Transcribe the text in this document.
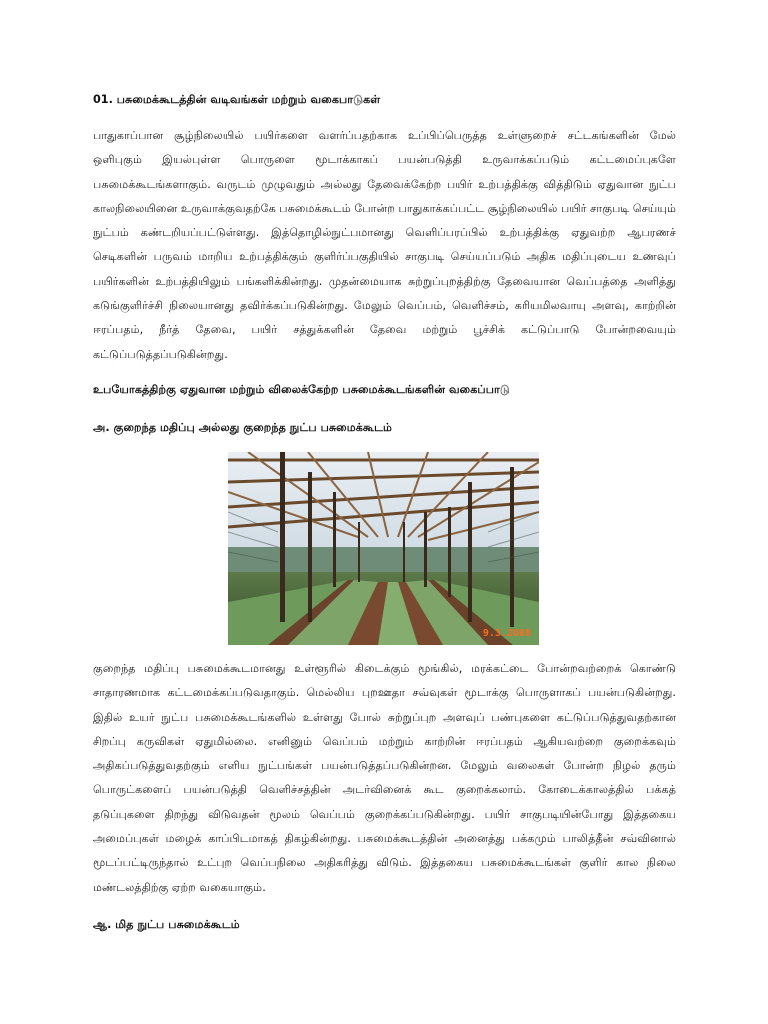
01. பசுமைக்கூடத்தின் வடிவங்கள் மற்றும் வகைபாடுகள்
பாதுகாப்பான சூழ்நிலையில் பயிர்களை வளர்ப்பதற்காக உப்பிப்பெருத்த உள்ளுறைச் சட்டகங்களின் மேல் ஒளிபுகும் இயல்புள்ள பொருளை மூடாக்காகப் பயன்படுத்தி உருவாக்கப்படும் கட்டமைப்புகளே பசுமைக்கூடங்களாகும். வருடம் முழுவதும் அல்லது தேவைக்கேற்ற பயிர் உற்பத்திக்கு வித்திடும் ஏதுவான நுட்ப காலநிலையினை உருவாக்குவதற்கே பசுமைக்கூடம் போன்ற பாதுகாக்கப்பட்ட சூழ்நிலையில் பயிர் சாகுபடி செய்யும் நுட்பம் கண்டறியப்பட்டுள்ளது. இத்தொழில்நுட்பமானது வெளிப்பரப்பில் உற்பத்திக்கு ஏதுவற்ற ஆபரணச் செடிகளின் பருவம் மாறிய உற்பத்திக்கும் குளிர்ப்பகுதியில் சாகுபடி செய்யப்படும் அதிக மதிப்புடைய உணவுப் பயிர்களின் உற்பத்தியிலும் பங்களிக்கின்றது. முதன்மையாக சுற்றுப்புறத்திற்கு தேவையான வெப்பத்தை அளித்து கடுங்குளிர்ச்சி நிலையானது தவிர்க்கப்படுகின்றது. மேலும் வெப்பம், வெளிச்சம், கரியமிலவாயு அளவு, காற்றின் ஈரப்பதம், நீர்த் தேவை, பயிர் சத்துக்களின் தேவை மற்றும் பூச்சிக் கட்டுப்பாடு போன்றவையும் கட்டுப்படுத்தப்படுகின்றது.
உபயோகத்திற்கு ஏதுவான மற்றும் விலைக்கேற்ற பசுமைக்கூடங்களின் வகைப்பாடு
அ. குறைந்த மதிப்பு அல்லது குறைந்த நுட்ப பசுமைக்கூடம்
9.3.2008
குறைந்த மதிப்பு பசுமைக்கூடமானது உள்ளூரில் கிடைக்கும் மூங்கில், மரக்கட்டை போன்றவற்றைக் கொண்டு சாதாரணமாக கட்டமைக்கப்படுவதாகும். மெல்லிய புறஊதா சவ்வுகள் மூடாக்கு பொருளாகப் பயன்படுகின்றது. இதில் உயர் நுட்ப பசுமைக்கூடங்களில் உள்ளது போல் சுற்றுப்புற அளவுப் பண்புகளை கட்டுப்படுத்துவதற்கான சிறப்பு கருவிகள் ஏதுமில்லை. எனினும் வெப்பம் மற்றும் காற்றின் ஈரப்பதம் ஆகியவற்றை குறைக்கவும் அதிகப்படுத்துவதற்கும் எளிய நுட்பங்கள் பயன்படுத்தப்படுகின்றன. மேலும் வலைகள் போன்ற நிழல் தரும் பொருட்களைப் பயன்படுத்தி வெளிச்சத்தின் அடர்வினைக் கூட குறைக்கலாம். கோடைக்காலத்தில் பக்கத் தடுப்புகளை திறந்து விடுவதன் மூலம் வெப்பம் குறைக்கப்படுகின்றது. பயிர் சாகுபடியின்போது இத்தகைய அமைப்புகள் மழைக் காப்பிடமாகத் திகழ்கின்றது. பசுமைக்கூடத்தின் அனைத்து பக்கமும் பாலித்தீன் சவ்வினால் மூடப்பட்டிருந்தால் உட்புற வெப்பநிலை அதிகரித்து விடும். இத்தகைய பசுமைக்கூடங்கள் குளிர் கால நிலை மண்டலத்திற்கு ஏற்ற வகையாகும்.
ஆ. மித நுட்ப பசுமைக்கூடம்
